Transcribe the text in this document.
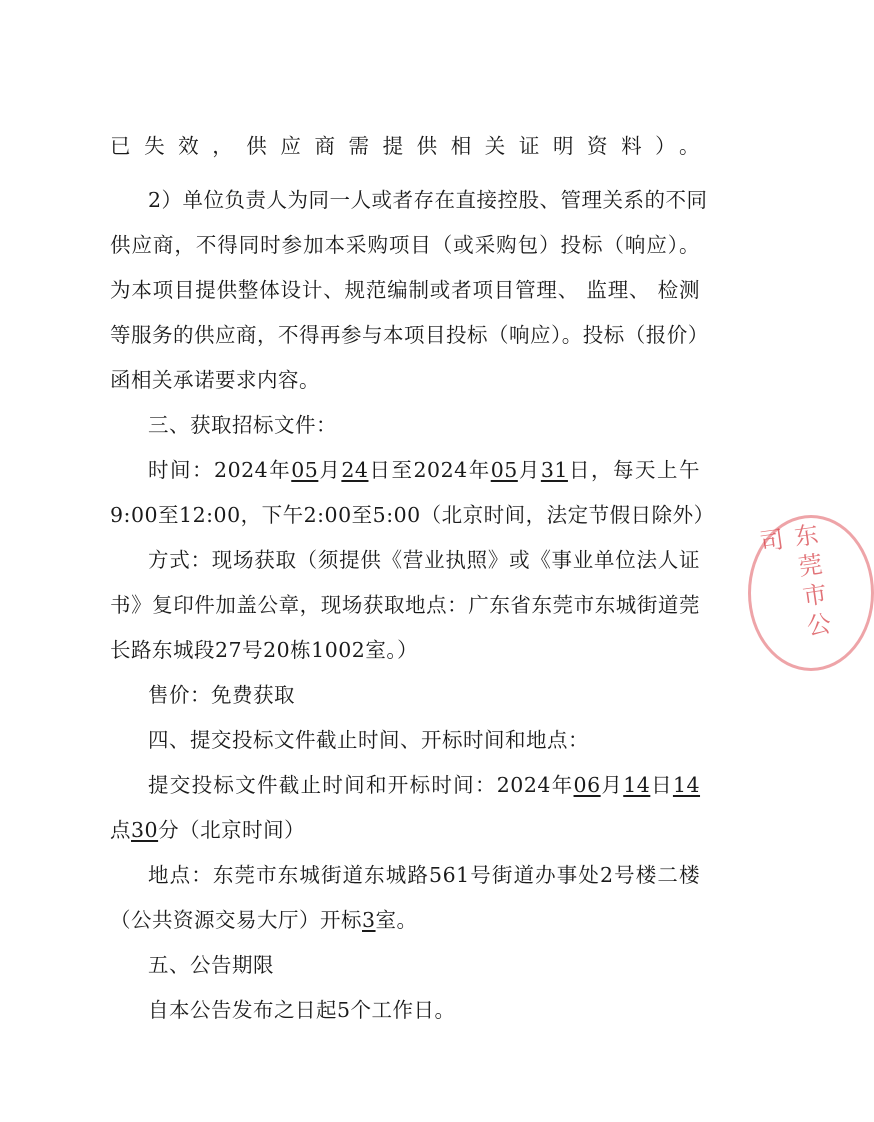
已失效，供应商需提供相关证明资料）。
2）单位负责人为同一人或者存在直接控股、管理关系的不同
供应商，不得同时参加本采购项目（或采购包）投标（响应）。
为本项目提供整体设计、规范编制或者项目管理、 监理、 检测
等服务的供应商，不得再参与本项目投标（响应）。投标（报价）
函相关承诺要求内容。
三、获取招标文件：
时间：2024年05月24日至2024年05月31日，每天上午
9:00至12:00，下午2:00至5:00（北京时间，法定节假日除外）
方式：现场获取（须提供《营业执照》或《事业单位法人证
书》复印件加盖公章，现场获取地点：广东省东莞市东城街道莞
长路东城段27号20栋1002室。）
售价：免费获取
四、提交投标文件截止时间、开标时间和地点：
提交投标文件截止时间和开标时间：2024年06月14日14
点30分（北京时间）
地点：东莞市东城街道东城路561号街道办事处2号楼二楼
（公共资源交易大厅）开标3室。
五、公告期限
自本公告发布之日起5个工作日。
东莞市公司
